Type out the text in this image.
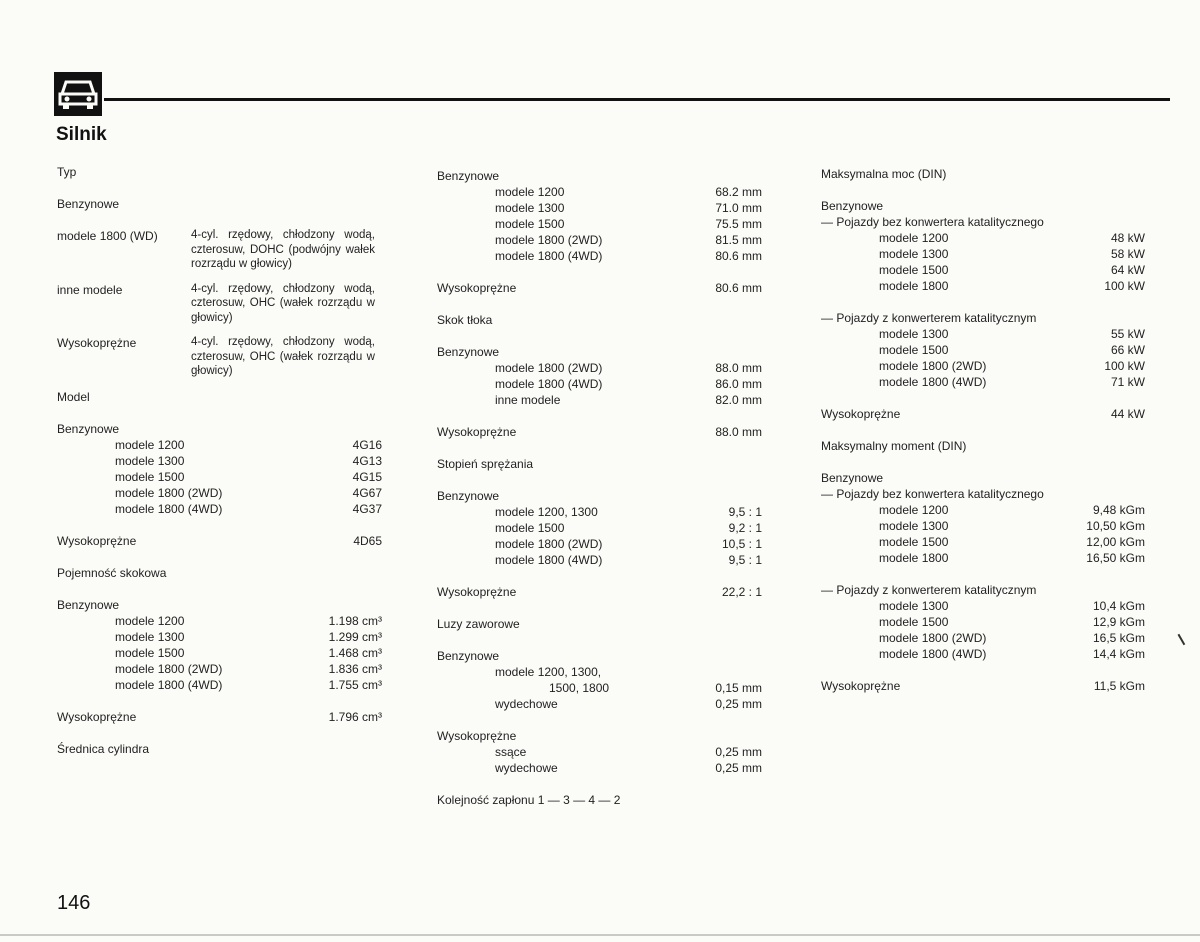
Silnik
Typ
Benzynowe
modele 1800 (WD)	4-cyl. rzędowy, chłodzony wodą, czterosuw, DOHC (podwójny wałek rozrządu w głowicy)
inne modele	4-cyl. rzędowy, chłodzony wodą, czterosuw, OHC (wałek rozrządu w głowicy)
Wysokoprężne	4-cyl. rzędowy, chłodzony wodą, czterosuw, OHC (wałek rozrządu w głowicy)
Model
Benzynowe
modele 1200	4G16
modele 1300	4G13
modele 1500	4G15
modele 1800 (2WD)	4G67
modele 1800 (4WD)	4G37
Wysokoprężne	4D65
Pojemność skokowa
Benzynowe
modele 1200	1.198 cm³
modele 1300	1.299 cm³
modele 1500	1.468 cm³
modele 1800 (2WD)	1.836 cm³
modele 1800 (4WD)	1.755 cm³
Wysokoprężne	1.796 cm³
Średnica cylindra
Benzynowe
modele 1200	68.2 mm
modele 1300	71.0 mm
modele 1500	75.5 mm
modele 1800 (2WD)	81.5 mm
modele 1800 (4WD)	80.6 mm
Wysokoprężne	80.6 mm
Skok tłoka
Benzynowe
modele 1800 (2WD)	88.0 mm
modele 1800 (4WD)	86.0 mm
inne modele	82.0 mm
Wysokoprężne	88.0 mm
Stopień sprężania
Benzynowe
modele 1200, 1300	9,5 : 1
modele 1500	9,2 : 1
modele 1800 (2WD)	10,5 : 1
modele 1800 (4WD)	9,5 : 1
Wysokoprężne	22,2 : 1
Luzy zaworowe
Benzynowe
modele 1200, 1300,
1500, 1800	0,15 mm
wydechowe	0,25 mm
Wysokoprężne
ssące	0,25 mm
wydechowe	0,25 mm
Kolejność zapłonu 1 — 3 — 4 — 2
Maksymalna moc (DIN)
Benzynowe
— Pojazdy bez konwertera katalitycznego
modele 1200	48 kW
modele 1300	58 kW
modele 1500	64 kW
modele 1800	100 kW
— Pojazdy z konwerterem katalitycznym
modele 1300	55 kW
modele 1500	66 kW
modele 1800 (2WD)	100 kW
modele 1800 (4WD)	71 kW
Wysokoprężne	44 kW
Maksymalny moment (DIN)
Benzynowe
— Pojazdy bez konwertera katalitycznego
modele 1200	9,48 kGm
modele 1300	10,50 kGm
modele 1500	12,00 kGm
modele 1800	16,50 kGm
— Pojazdy z konwerterem katalitycznym
modele 1300	10,4 kGm
modele 1500	12,9 kGm
modele 1800 (2WD)	16,5 kGm
modele 1800 (4WD)	14,4 kGm
Wysokoprężne	11,5 kGm
146
